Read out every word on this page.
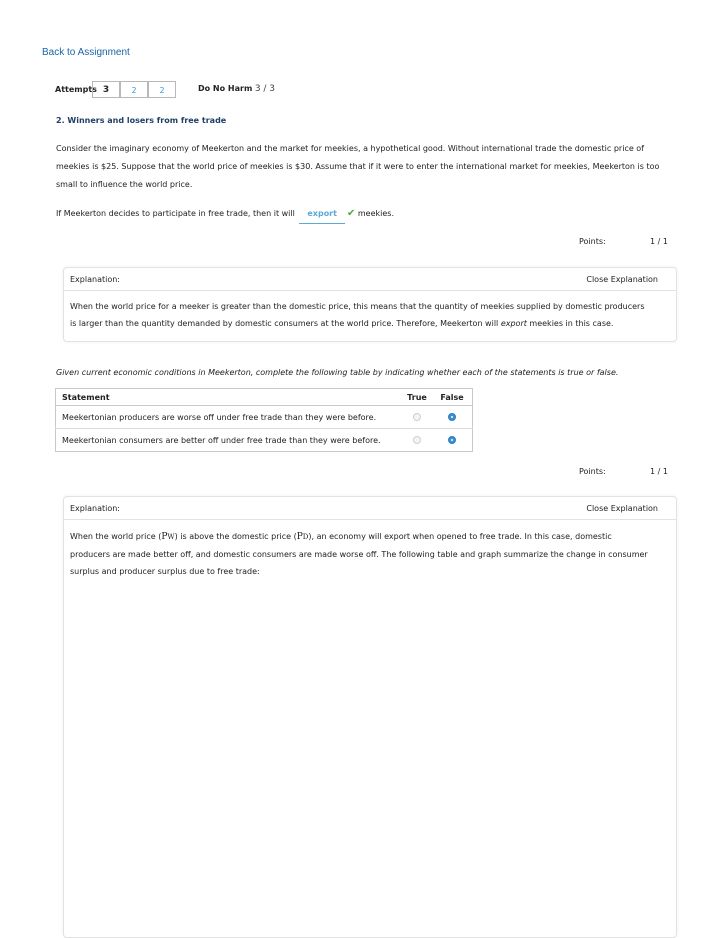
Back to Assignment
Attempts 3	2	2	Do No Harm 3 / 3
2. Winners and losers from free trade
Consider the imaginary economy of Meekerton and the market for meekies, a hypothetical good. Without international trade the domestic price of
meekies is $25. Suppose that the world price of meekies is $30. Assume that if it were to enter the international market for meekies, Meekerton is too
small to influence the world price.
If Meekerton decides to participate in free trade, then it will export ✔ meekies.
Points:	1 / 1
Explanation:	Close Explanation
When the world price for a meeker is greater than the domestic price, this means that the quantity of meekies supplied by domestic producers
is larger than the quantity demanded by domestic consumers at the world price. Therefore, Meekerton will export meekies in this case.
Given current economic conditions in Meekerton, complete the following table by indicating whether each of the statements is true or false.
Statement	True	False
Meekertonian producers are worse off under free trade than they were before.		
Meekertonian consumers are better off under free trade than they were before.		
Points:	1 / 1
Explanation:	Close Explanation
When the world price (PW) is above the domestic price (PD), an economy will export when opened to free trade. In this case, domestic
producers are made better off, and domestic consumers are made worse off. The following table and graph summarize the change in consumer
surplus and producer surplus due to free trade:
